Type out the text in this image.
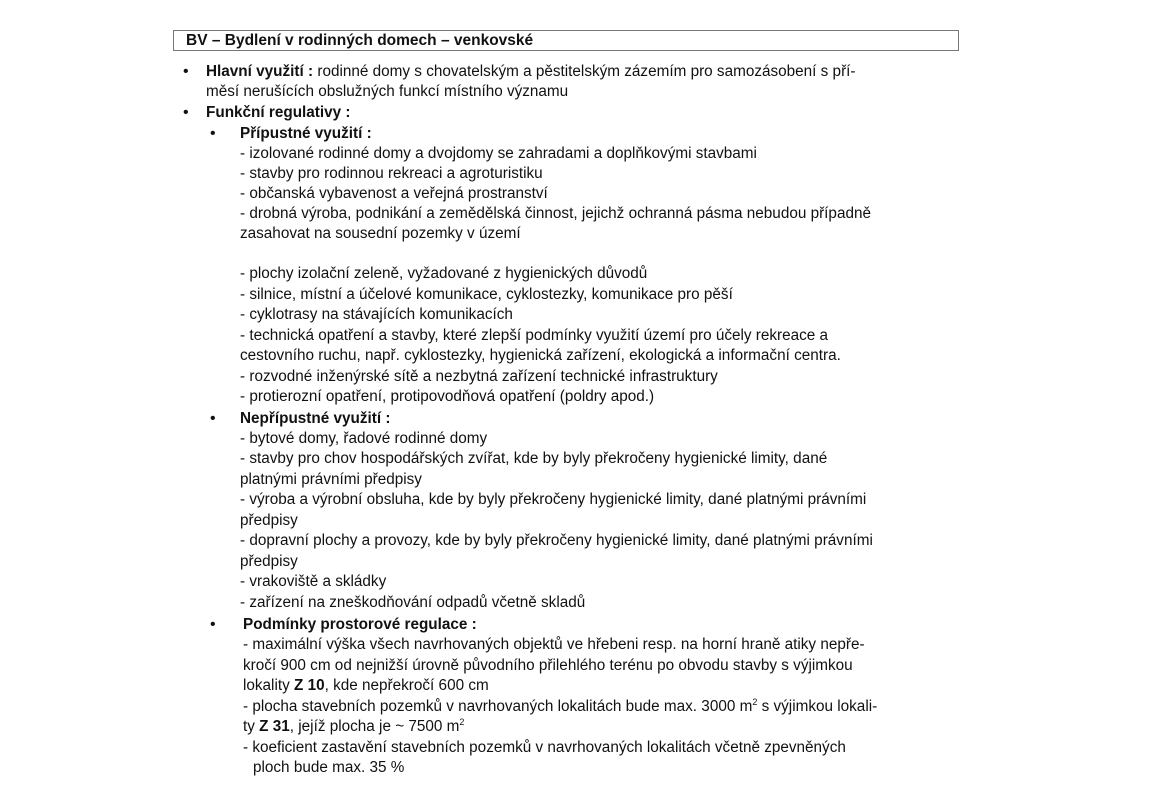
BV – Bydlení v rodinných domech – venkovské
• Hlavní využití : rodinné domy s chovatelským a pěstitelským zázemím pro samozásobení s pří-
měsí nerušících obslužných funkcí místního významu
• Funkční regulativy :
• Přípustné využití :
- izolované rodinné domy a dvojdomy se zahradami a doplňkovými stavbami
- stavby pro rodinnou rekreaci a agroturistiku
- občanská vybavenost a veřejná prostranství
- drobná výroba, podnikání a zemědělská činnost, jejichž ochranná pásma nebudou případně
zasahovat na sousední pozemky v území
- plochy izolační zeleně, vyžadované z hygienických důvodů
- silnice, místní a účelové komunikace, cyklostezky, komunikace pro pěší
- cyklotrasy na stávajících komunikacích
- technická opatření a stavby, které zlepší podmínky využití území pro účely rekreace a
cestovního ruchu, např. cyklostezky, hygienická zařízení, ekologická a informační centra.
- rozvodné inženýrské sítě a nezbytná zařízení technické infrastruktury
- protierozní opatření, protipovodňová opatření (poldry apod.)
• Nepřípustné využití :
- bytové domy, řadové rodinné domy
- stavby pro chov hospodářských zvířat, kde by byly překročeny hygienické limity, dané
platnými právními předpisy
- výroba a výrobní obsluha, kde by byly překročeny hygienické limity, dané platnými právními
předpisy
- dopravní plochy a provozy, kde by byly překročeny hygienické limity, dané platnými právními
předpisy
- vrakoviště a skládky
- zařízení na zneškodňování odpadů včetně skladů
• Podmínky prostorové regulace :
- maximální výška všech navrhovaných objektů ve hřebeni resp. na horní hraně atiky nepře-
kročí 900 cm od nejnižší úrovně původního přilehlého terénu po obvodu stavby s výjimkou
lokality Z 10, kde nepřekročí 600 cm
- plocha stavebních pozemků v navrhovaných lokalitách bude max. 3000 $m^2$ s výjimkou lokali-
ty Z 31, jejíž plocha je ~ 7500 $m^2$
- koeficient zastavění stavebních pozemků v navrhovaných lokalitách včetně zpevněných
ploch bude max. 35 %
